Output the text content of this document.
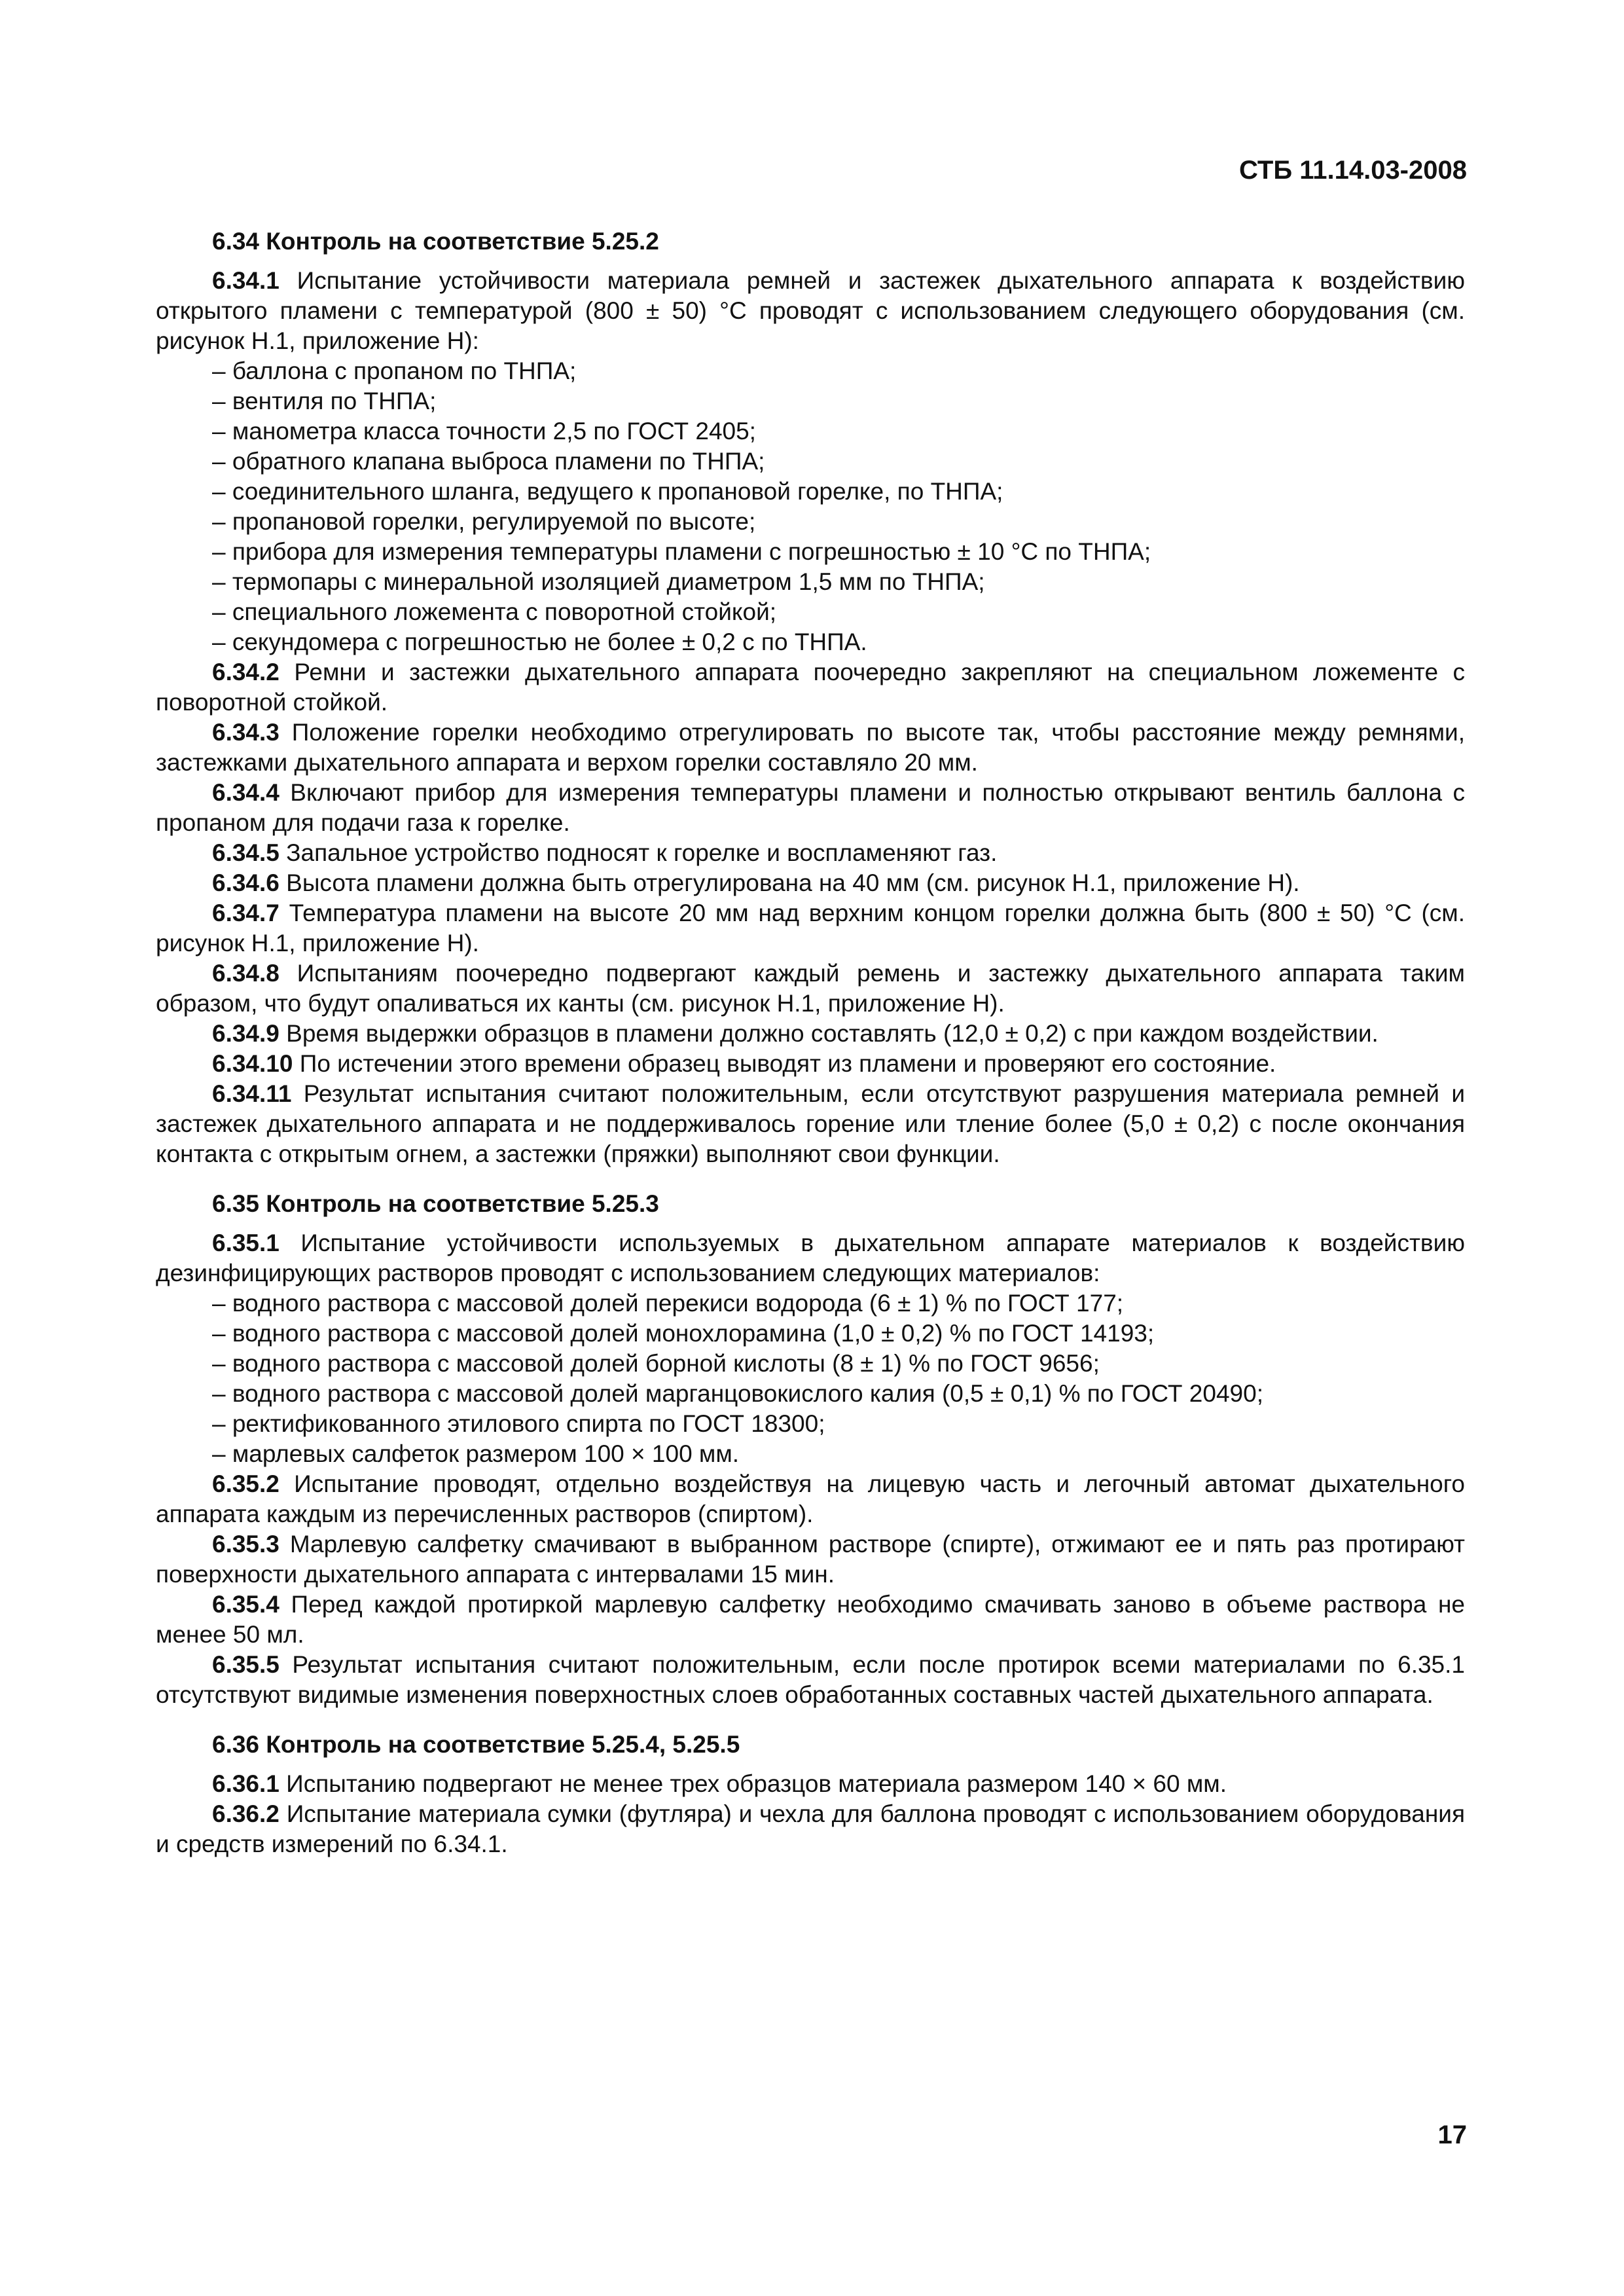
СТБ 11.14.03-2008
6.34 Контроль на соответствие 5.25.2

6.34.1 Испытание устойчивости материала ремней и застежек дыхательного аппарата к воздействию открытого пламени с температурой (800 ± 50) °С проводят с использованием следующего оборудования (см. рисунок Н.1, приложение Н):

– баллона с пропаном по ТНПА;
– вентиля по ТНПА;
– манометра класса точности 2,5 по ГОСТ 2405;
– обратного клапана выброса пламени по ТНПА;
– соединительного шланга, ведущего к пропановой горелке, по ТНПА;
– пропановой горелки, регулируемой по высоте;
– прибора для измерения температуры пламени с погрешностью ± 10 °С по ТНПА;
– термопары с минеральной изоляцией диаметром 1,5 мм по ТНПА;
– специального ложемента с поворотной стойкой;
– секундомера с погрешностью не более ± 0,2 с по ТНПА.

6.34.2 Ремни и застежки дыхательного аппарата поочередно закрепляют на специальном ложементе с поворотной стойкой.

6.34.3 Положение горелки необходимо отрегулировать по высоте так, чтобы расстояние между ремнями, застежками дыхательного аппарата и верхом горелки составляло 20 мм.

6.34.4 Включают прибор для измерения температуры пламени и полностью открывают вентиль баллона с пропаном для подачи газа к горелке.

6.34.5 Запальное устройство подносят к горелке и воспламеняют газ.

6.34.6 Высота пламени должна быть отрегулирована на 40 мм (см. рисунок Н.1, приложение Н).

6.34.7 Температура пламени на высоте 20 мм над верхним концом горелки должна быть (800 ± 50) °С (см. рисунок Н.1, приложение Н).

6.34.8 Испытаниям поочередно подвергают каждый ремень и застежку дыхательного аппарата таким образом, что будут опаливаться их канты (см. рисунок Н.1, приложение Н).

6.34.9 Время выдержки образцов в пламени должно составлять (12,0 ± 0,2) с при каждом воздействии.

6.34.10 По истечении этого времени образец выводят из пламени и проверяют его состояние.

6.34.11 Результат испытания считают положительным, если отсутствуют разрушения материала ремней и застежек дыхательного аппарата и не поддерживалось горение или тление более (5,0 ± 0,2) с после окончания контакта с открытым огнем, а застежки (пряжки) выполняют свои функции.

6.35 Контроль на соответствие 5.25.3

6.35.1 Испытание устойчивости используемых в дыхательном аппарате материалов к воздействию дезинфицирующих растворов проводят с использованием следующих материалов:

– водного раствора с массовой долей перекиси водорода (6 ± 1) % по ГОСТ 177;
– водного раствора с массовой долей монохлорамина (1,0 ± 0,2) % по ГОСТ 14193;
– водного раствора с массовой долей борной кислоты (8 ± 1) % по ГОСТ 9656;
– водного раствора с массовой долей марганцовокислого калия (0,5 ± 0,1) % по ГОСТ 20490;
– ректификованного этилового спирта по ГОСТ 18300;
– марлевых салфеток размером 100 × 100 мм.

6.35.2 Испытание проводят, отдельно воздействуя на лицевую часть и легочный автомат дыхательного аппарата каждым из перечисленных растворов (спиртом).

6.35.3 Марлевую салфетку смачивают в выбранном растворе (спирте), отжимают ее и пять раз протирают поверхности дыхательного аппарата с интервалами 15 мин.

6.35.4 Перед каждой протиркой марлевую салфетку необходимо смачивать заново в объеме раствора не менее 50 мл.

6.35.5 Результат испытания считают положительным, если после протирок всеми материалами по 6.35.1 отсутствуют видимые изменения поверхностных слоев обработанных составных частей дыхательного аппарата.

6.36 Контроль на соответствие 5.25.4, 5.25.5

6.36.1 Испытанию подвергают не менее трех образцов материала размером 140 × 60 мм.

6.36.2 Испытание материала сумки (футляра) и чехла для баллона проводят с использованием оборудования и средств измерений по 6.34.1.

17
